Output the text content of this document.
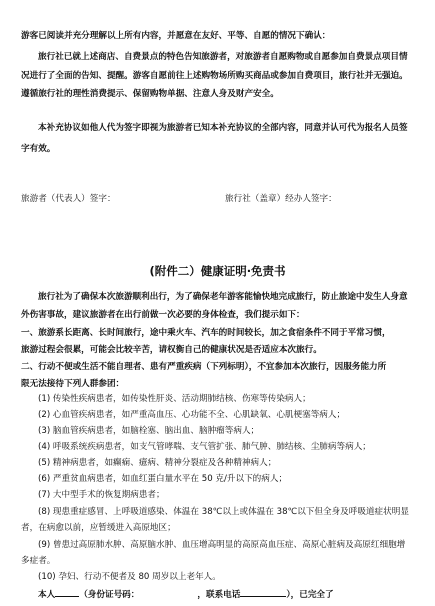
游客已阅读并充分理解以上所有内容，并愿意在友好、平等、自愿的情况下确认：
旅行社已就上述商店、自费景点的特色告知旅游者，对旅游者自愿购物或自愿参加自费景点项目情
况进行了全面的告知、提醒。游客自愿前往上述购物场所购买商品或参加自费项目，旅行社并无强迫。
遵循旅行社的理性消费提示、保留购物单据、注意人身及财产安全。
本补充协议如他人代为签字即视为旅游者已知本补充协议的全部内容，同意并认可代为报名人员签
字有效。
旅游者（代表人）签字：	旅行社（盖章）经办人签字：
(附件二）健康证明·免责书
旅行社为了确保本次旅游顺利出行，为了确保老年游客能愉快地完成旅行，防止旅途中发生人身意
外伤害事故，建议旅游者在出行前做一次必要的身体检查，我们提示如下：
一、旅游系长距离、长时间旅行，途中乘火车、汽车的时间较长，加之食宿条件不同于平常习惯，
旅游过程会很累，可能会比较辛苦，请权衡自己的健康状况是否适应本次旅行。
二、行动不便或生活不能自理者、患有严重疾病（下列标明），不宜参加本次旅行，因服务能力所
限无法接待下列人群参团：
(1) 传染性疾病患者，如传染性肝炎、活动期肺结核、伤寒等传染病人；
(2) 心血管疾病患者，如严重高血压、心功能不全、心肌缺氧、心肌梗塞等病人；
(3) 脑血管疾病患者，如脑栓塞、脑出血、脑肿瘤等病人；
(4) 呼吸系统疾病患者，如支气管哮喘、支气管扩张、肺气肿、肺结核、尘肺病等病人；
(5) 精神病患者，如癫痫、癔病、精神分裂症及各种精神病人；
(6) 严重贫血病患者，如血红蛋白量水平在 50 克/升以下的病人；
(7) 大中型手术的恢复期病患者；
(8) 现患重症感冒、上呼吸道感染、体温在 38℃以上或体温在 38℃以下但全身及呼吸道症状明显
者，在病愈以前，应暂缓进入高原地区；
(9) 曾患过高原肺水肿、高原脑水肿、血压增高明显的高原高血压症、高原心脏病及高原红细胞增
多症者。
(10) 孕妇、行动不便者及 80 周岁以上老年人。
本人	（身份证号码：	，联系电话	），已完全了
